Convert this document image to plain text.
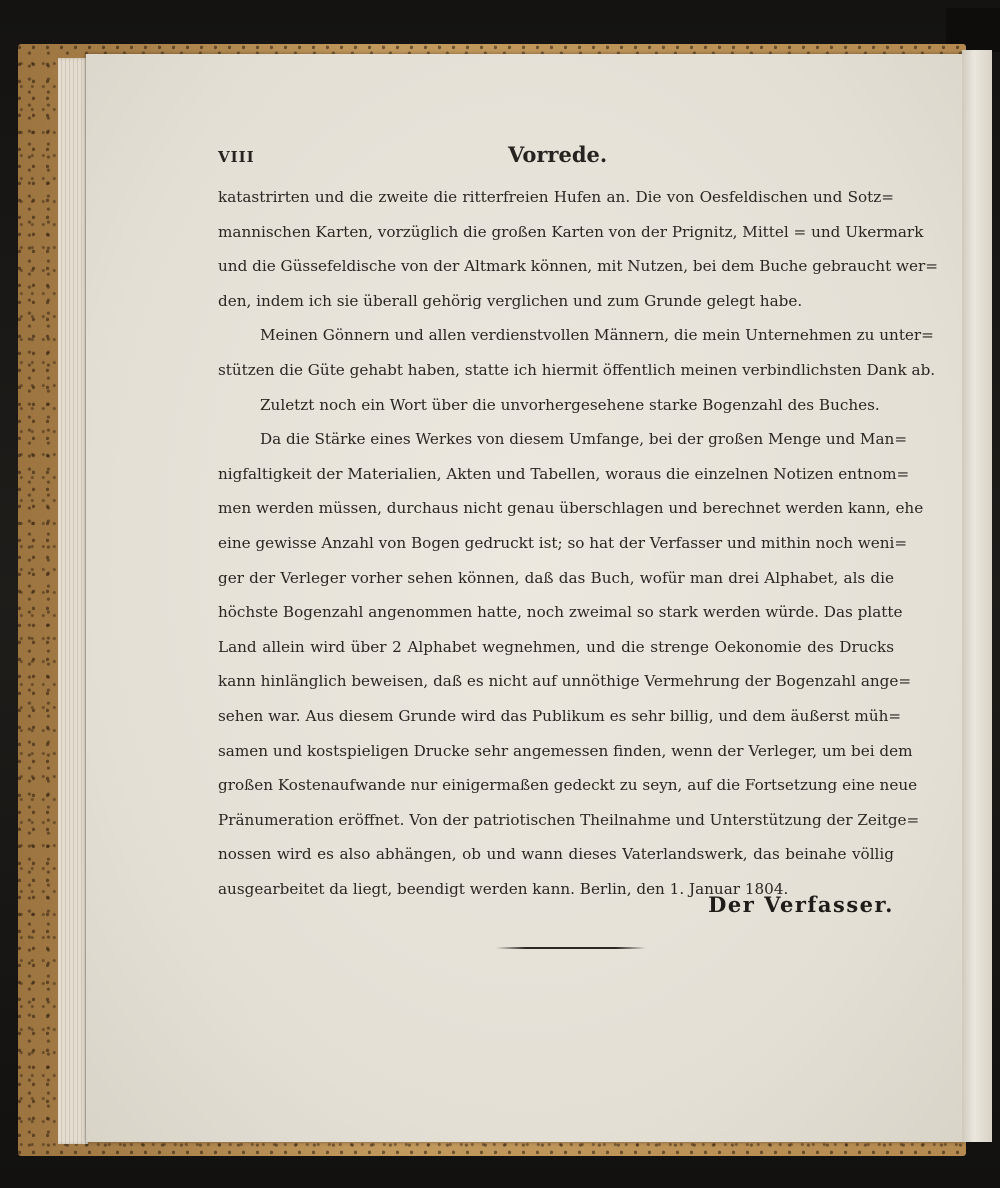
VIII	Vorrede.
katastrirten und die zweite die ritterfreien Hufen an. Die von Oesfeldischen und Sotz=
mannischen Karten, vorzüglich die großen Karten von der Prignitz, Mittel = und Ukermark
und die Güssefeldische von der Altmark können, mit Nutzen, bei dem Buche gebraucht wer=
den, indem ich sie überall gehörig verglichen und zum Grunde gelegt habe.
Meinen Gönnern und allen verdienstvollen Männern, die mein Unternehmen zu unter=
stützen die Güte gehabt haben, statte ich hiermit öffentlich meinen verbindlichsten Dank ab.
Zuletzt noch ein Wort über die unvorhergesehene starke Bogenzahl des Buches.
Da die Stärke eines Werkes von diesem Umfange, bei der großen Menge und Man=
nigfaltigkeit der Materialien, Akten und Tabellen, woraus die einzelnen Notizen entnom=
men werden müssen, durchaus nicht genau überschlagen und berechnet werden kann, ehe
eine gewisse Anzahl von Bogen gedruckt ist; so hat der Verfasser und mithin noch weni=
ger der Verleger vorher sehen können, daß das Buch, wofür man drei Alphabet, als die
höchste Bogenzahl angenommen hatte, noch zweimal so stark werden würde. Das platte
Land allein wird über 2 Alphabet wegnehmen, und die strenge Oekonomie des Drucks
kann hinlänglich beweisen, daß es nicht auf unnöthige Vermehrung der Bogenzahl ange=
sehen war. Aus diesem Grunde wird das Publikum es sehr billig, und dem äußerst müh=
samen und kostspieligen Drucke sehr angemessen finden, wenn der Verleger, um bei dem
großen Kostenaufwande nur einigermaßen gedeckt zu seyn, auf die Fortsetzung eine neue
Pränumeration eröffnet. Von der patriotischen Theilnahme und Unterstützung der Zeitge=
nossen wird es also abhängen, ob und wann dieses Vaterlandswerk, das beinahe völlig
ausgearbeitet da liegt, beendigt werden kann. Berlin, den 1. Januar 1804.
Der Verfasser.
